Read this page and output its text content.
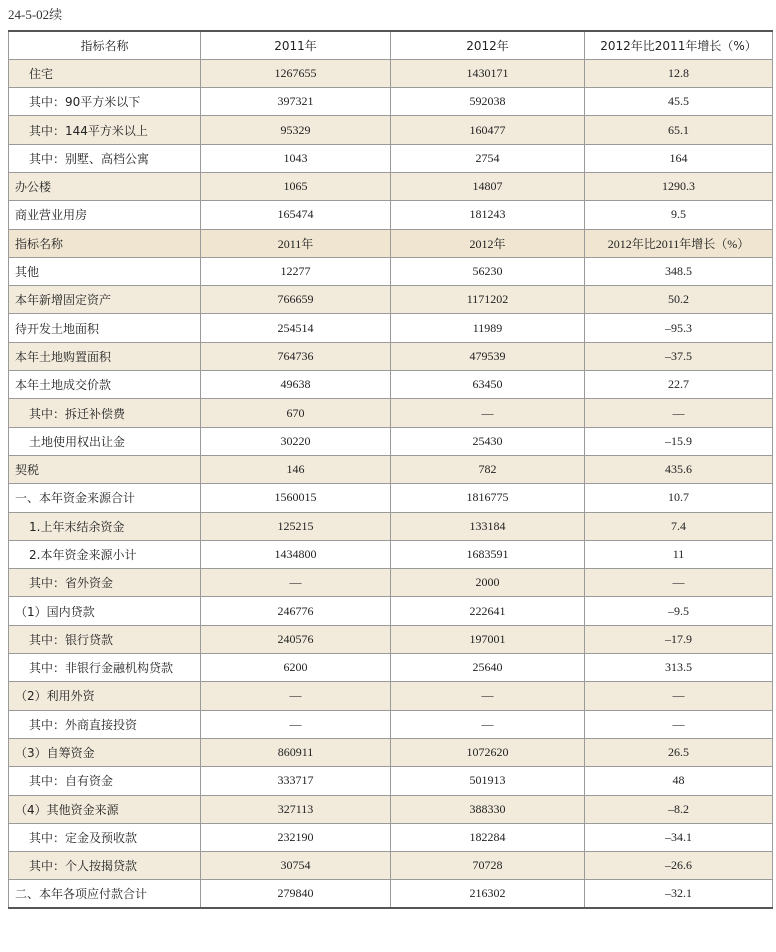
24-5-02续
指标名称	2011年	2012年	2012年比2011年增长（%）
住宅	1267655	1430171	12.8
其中：90平方米以下	397321	592038	45.5
其中：144平方米以上	95329	160477	65.1
其中：别墅、高档公寓	1043	2754	164
办公楼	1065	14807	1290.3
商业营业用房	165474	181243	9.5
指标名称	2011年	2012年	2012年比2011年增长（%）
其他	12277	56230	348.5
本年新增固定资产	766659	1171202	50.2
待开发土地面积	254514	11989	–95.3
本年土地购置面积	764736	479539	–37.5
本年土地成交价款	49638	63450	22.7
其中：拆迁补偿费	670	—	—
土地使用权出让金	30220	25430	–15.9
契税	146	782	435.6
一、本年资金来源合计	1560015	1816775	10.7
1.上年末结余资金	125215	133184	7.4
2.本年资金来源小计	1434800	1683591	11
其中：省外资金	—	2000	—
（1）国内贷款	246776	222641	–9.5
其中：银行贷款	240576	197001	–17.9
其中：非银行金融机构贷款	6200	25640	313.5
（2）利用外资	—	—	—
其中：外商直接投资	—	—	—
（3）自筹资金	860911	1072620	26.5
其中：自有资金	333717	501913	48
（4）其他资金来源	327113	388330	–8.2
其中：定金及预收款	232190	182284	–34.1
其中：个人按揭贷款	30754	70728	–26.6
二、本年各项应付款合计	279840	216302	–32.1
